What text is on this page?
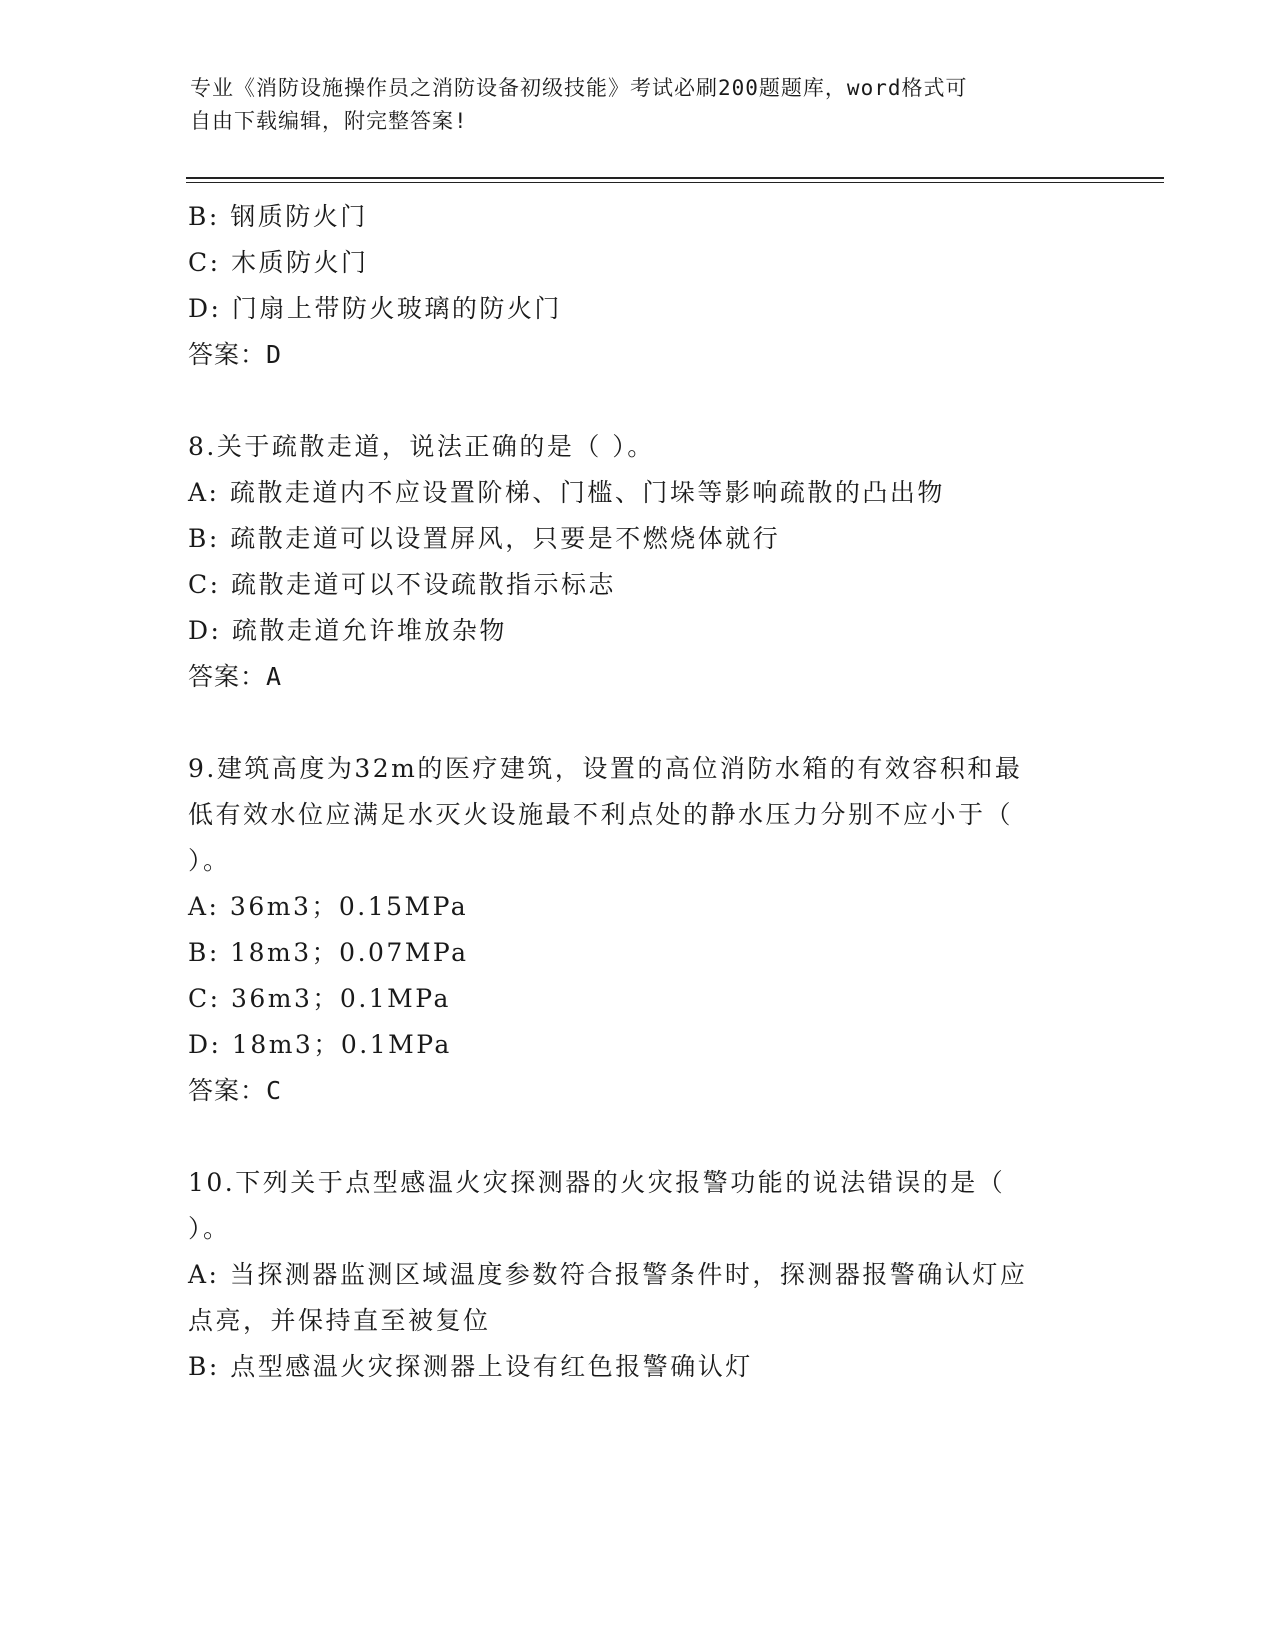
专业《消防设施操作员之消防设备初级技能》考试必刷200题题库，word格式可
自由下载编辑，附完整答案!
B: 钢质防火门
C: 木质防火门
D: 门扇上带防火玻璃的防火门
答案：D
8.关于疏散走道，说法正确的是（ ）。
A: 疏散走道内不应设置阶梯、门槛、门垛等影响疏散的凸出物
B: 疏散走道可以设置屏风，只要是不燃烧体就行
C: 疏散走道可以不设疏散指示标志
D: 疏散走道允许堆放杂物
答案：A
9.建筑高度为32m的医疗建筑，设置的高位消防水箱的有效容积和最
低有效水位应满足水灭火设施最不利点处的静水压力分别不应小于（
）。
A: 36m3；0.15MPa
B: 18m3；0.07MPa
C: 36m3；0.1MPa
D: 18m3；0.1MPa
答案：C
10.下列关于点型感温火灾探测器的火灾报警功能的说法错误的是（
）。
A: 当探测器监测区域温度参数符合报警条件时，探测器报警确认灯应
点亮，并保持直至被复位
B: 点型感温火灾探测器上设有红色报警确认灯
